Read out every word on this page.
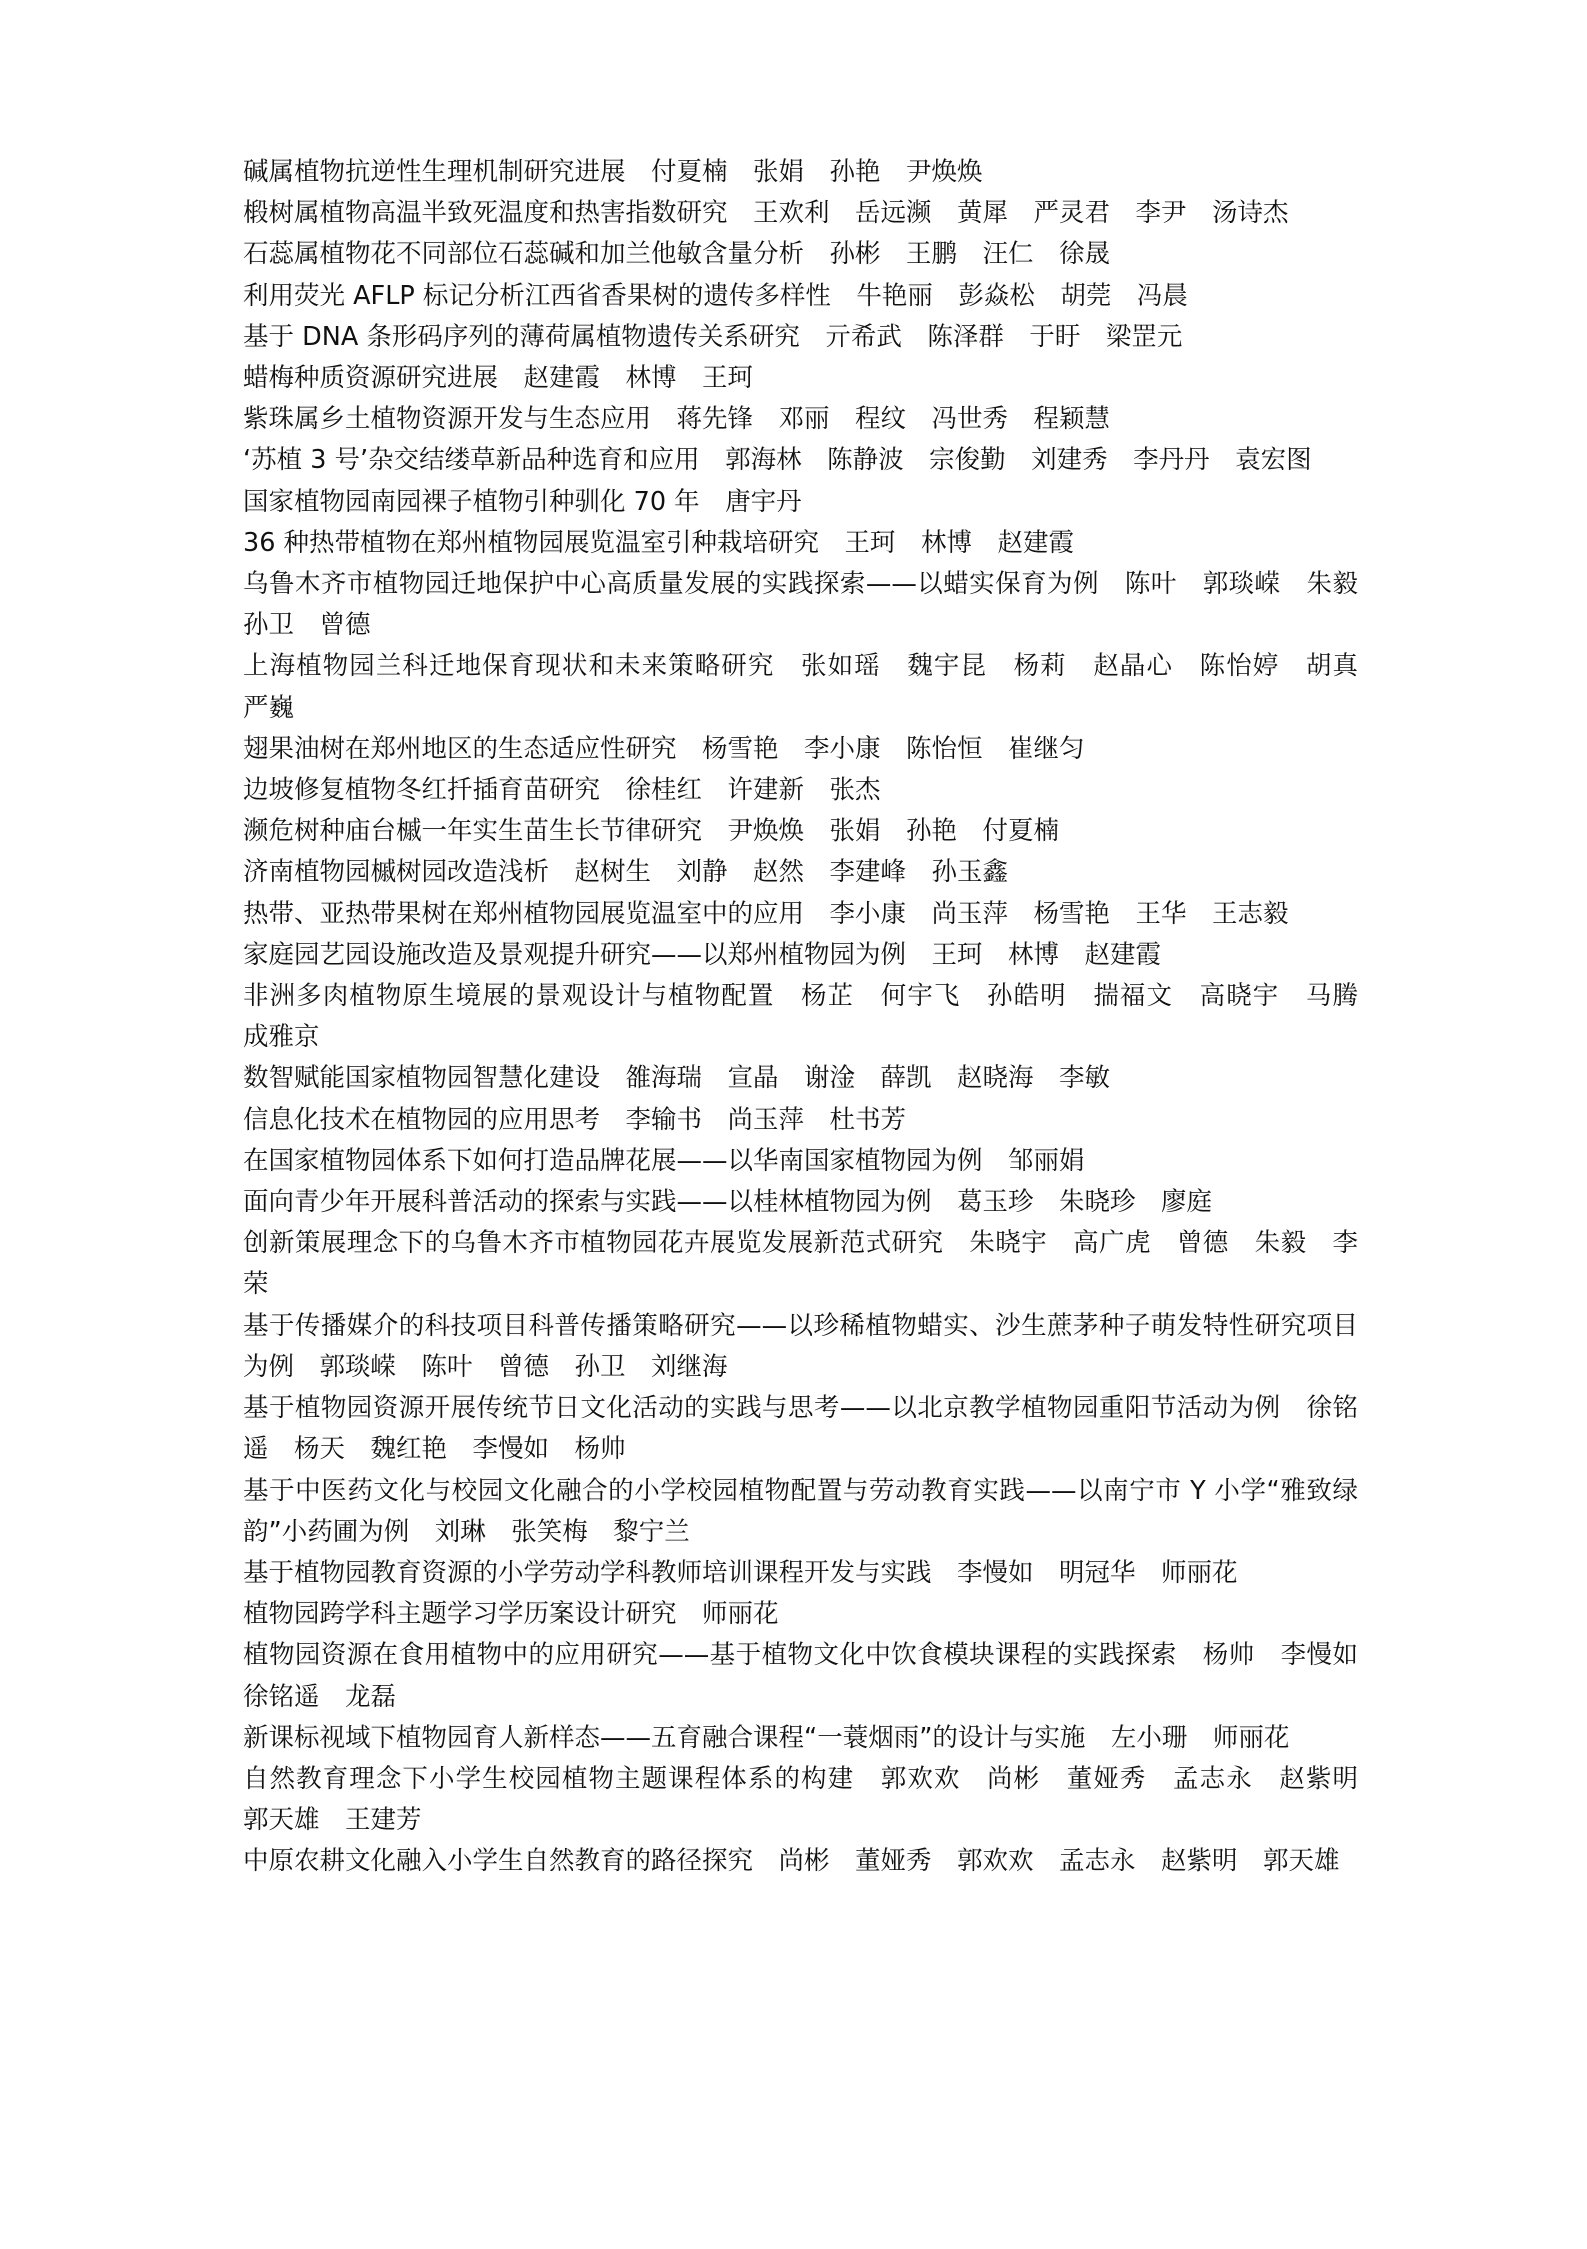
碱属植物抗逆性生理机制研究进展　付夏楠　张娟　孙艳　尹焕焕
椴树属植物高温半致死温度和热害指数研究　王欢利　岳远濒　黄犀　严灵君　李尹　汤诗杰
石蕊属植物花不同部位石蕊碱和加兰他敏含量分析　孙彬　王鹏　汪仁　徐晟
利用荧光 AFLP 标记分析江西省香果树的遗传多样性　牛艳丽　彭焱松　胡莞　冯晨
基于 DNA 条形码序列的薄荷属植物遗传关系研究　亓希武　陈泽群　于盱　梁罡元
蜡梅种质资源研究进展　赵建霞　林博　王珂
紫珠属乡土植物资源开发与生态应用　蒋先锋　邓丽　程纹　冯世秀　程颖慧
‘苏植 3 号’杂交结缕草新品种选育和应用　郭海林　陈静波　宗俊勤　刘建秀　李丹丹　袁宏图
国家植物园南园裸子植物引种驯化 70 年　唐宇丹
36 种热带植物在郑州植物园展览温室引种栽培研究　王珂　林博　赵建霞
乌鲁木齐市植物园迁地保护中心高质量发展的实践探索——以蜡实保育为例　陈叶　郭琰嵘　朱毅　孙卫　曾德
上海植物园兰科迁地保育现状和未来策略研究　张如瑶　魏宇昆　杨莉　赵晶心　陈怡婷　胡真　严巍
翅果油树在郑州地区的生态适应性研究　杨雪艳　李小康　陈怡恒　崔继匀
边坡修复植物冬红扦插育苗研究　徐桂红　许建新　张杰
濒危树种庙台槭一年实生苗生长节律研究　尹焕焕　张娟　孙艳　付夏楠
济南植物园槭树园改造浅析　赵树生　刘静　赵然　李建峰　孙玉鑫
热带、亚热带果树在郑州植物园展览温室中的应用　李小康　尚玉萍　杨雪艳　王华　王志毅
家庭园艺园设施改造及景观提升研究——以郑州植物园为例　王珂　林博　赵建霞
非洲多肉植物原生境展的景观设计与植物配置　杨芷　何宇飞　孙皓明　揣福文　高晓宇　马腾　成雅京
数智赋能国家植物园智慧化建设　雒海瑞　宣晶　谢淦　薛凯　赵晓海　李敏
信息化技术在植物园的应用思考　李输书　尚玉萍　杜书芳
在国家植物园体系下如何打造品牌花展——以华南国家植物园为例　邹丽娟
面向青少年开展科普活动的探索与实践——以桂林植物园为例　葛玉珍　朱晓珍　廖庭
创新策展理念下的乌鲁木齐市植物园花卉展览发展新范式研究　朱晓宇　高广虎　曾德　朱毅　李荣
基于传播媒介的科技项目科普传播策略研究——以珍稀植物蜡实、沙生蔗茅种子萌发特性研究项目为例　郭琰嵘　陈叶　曾德　孙卫　刘继海
基于植物园资源开展传统节日文化活动的实践与思考——以北京教学植物园重阳节活动为例　徐铭遥　杨天　魏红艳　李慢如　杨帅
基于中医药文化与校园文化融合的小学校园植物配置与劳动教育实践——以南宁市 Y 小学“雅致绿韵”小药圃为例　刘琳　张笑梅　黎宁兰
基于植物园教育资源的小学劳动学科教师培训课程开发与实践　李慢如　明冠华　师丽花
植物园跨学科主题学习学历案设计研究　师丽花
植物园资源在食用植物中的应用研究——基于植物文化中饮食模块课程的实践探索　杨帅　李慢如　徐铭遥　龙磊
新课标视域下植物园育人新样态——五育融合课程“一蓑烟雨”的设计与实施　左小珊　师丽花
自然教育理念下小学生校园植物主题课程体系的构建　郭欢欢　尚彬　董娅秀　孟志永　赵紫明　郭天雄　王建芳
中原农耕文化融入小学生自然教育的路径探究　尚彬　董娅秀　郭欢欢　孟志永　赵紫明　郭天雄
